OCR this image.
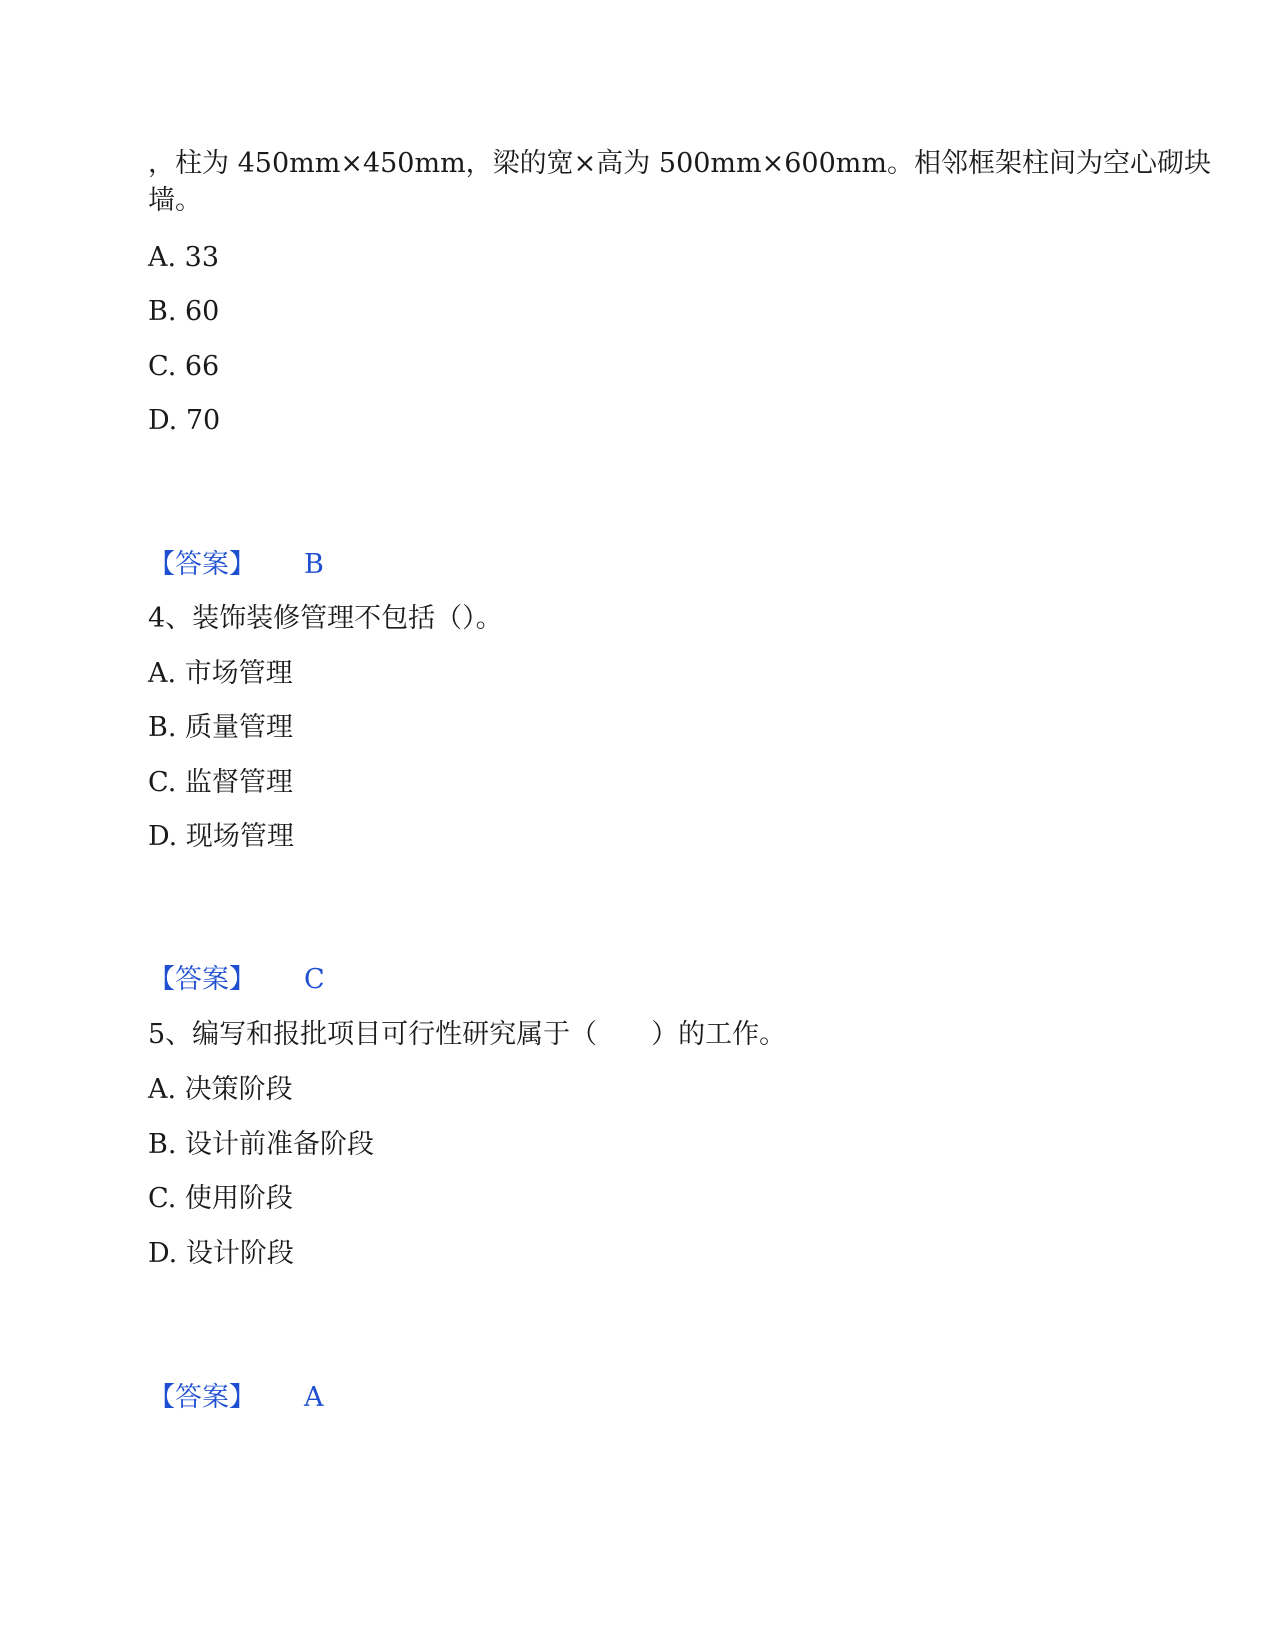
，柱为 450mm×450mm，梁的宽×高为 500mm×600mm。相邻框架柱间为空心砌块
墙。
A. 33
B. 60
C. 66
D. 70
【答案】 B
4、装饰装修管理不包括（）。
A. 市场管理
B. 质量管理
C. 监督管理
D. 现场管理
【答案】 C
5、编写和报批项目可行性研究属于（　　）的工作。
A. 决策阶段
B. 设计前准备阶段
C. 使用阶段
D. 设计阶段
【答案】 A
